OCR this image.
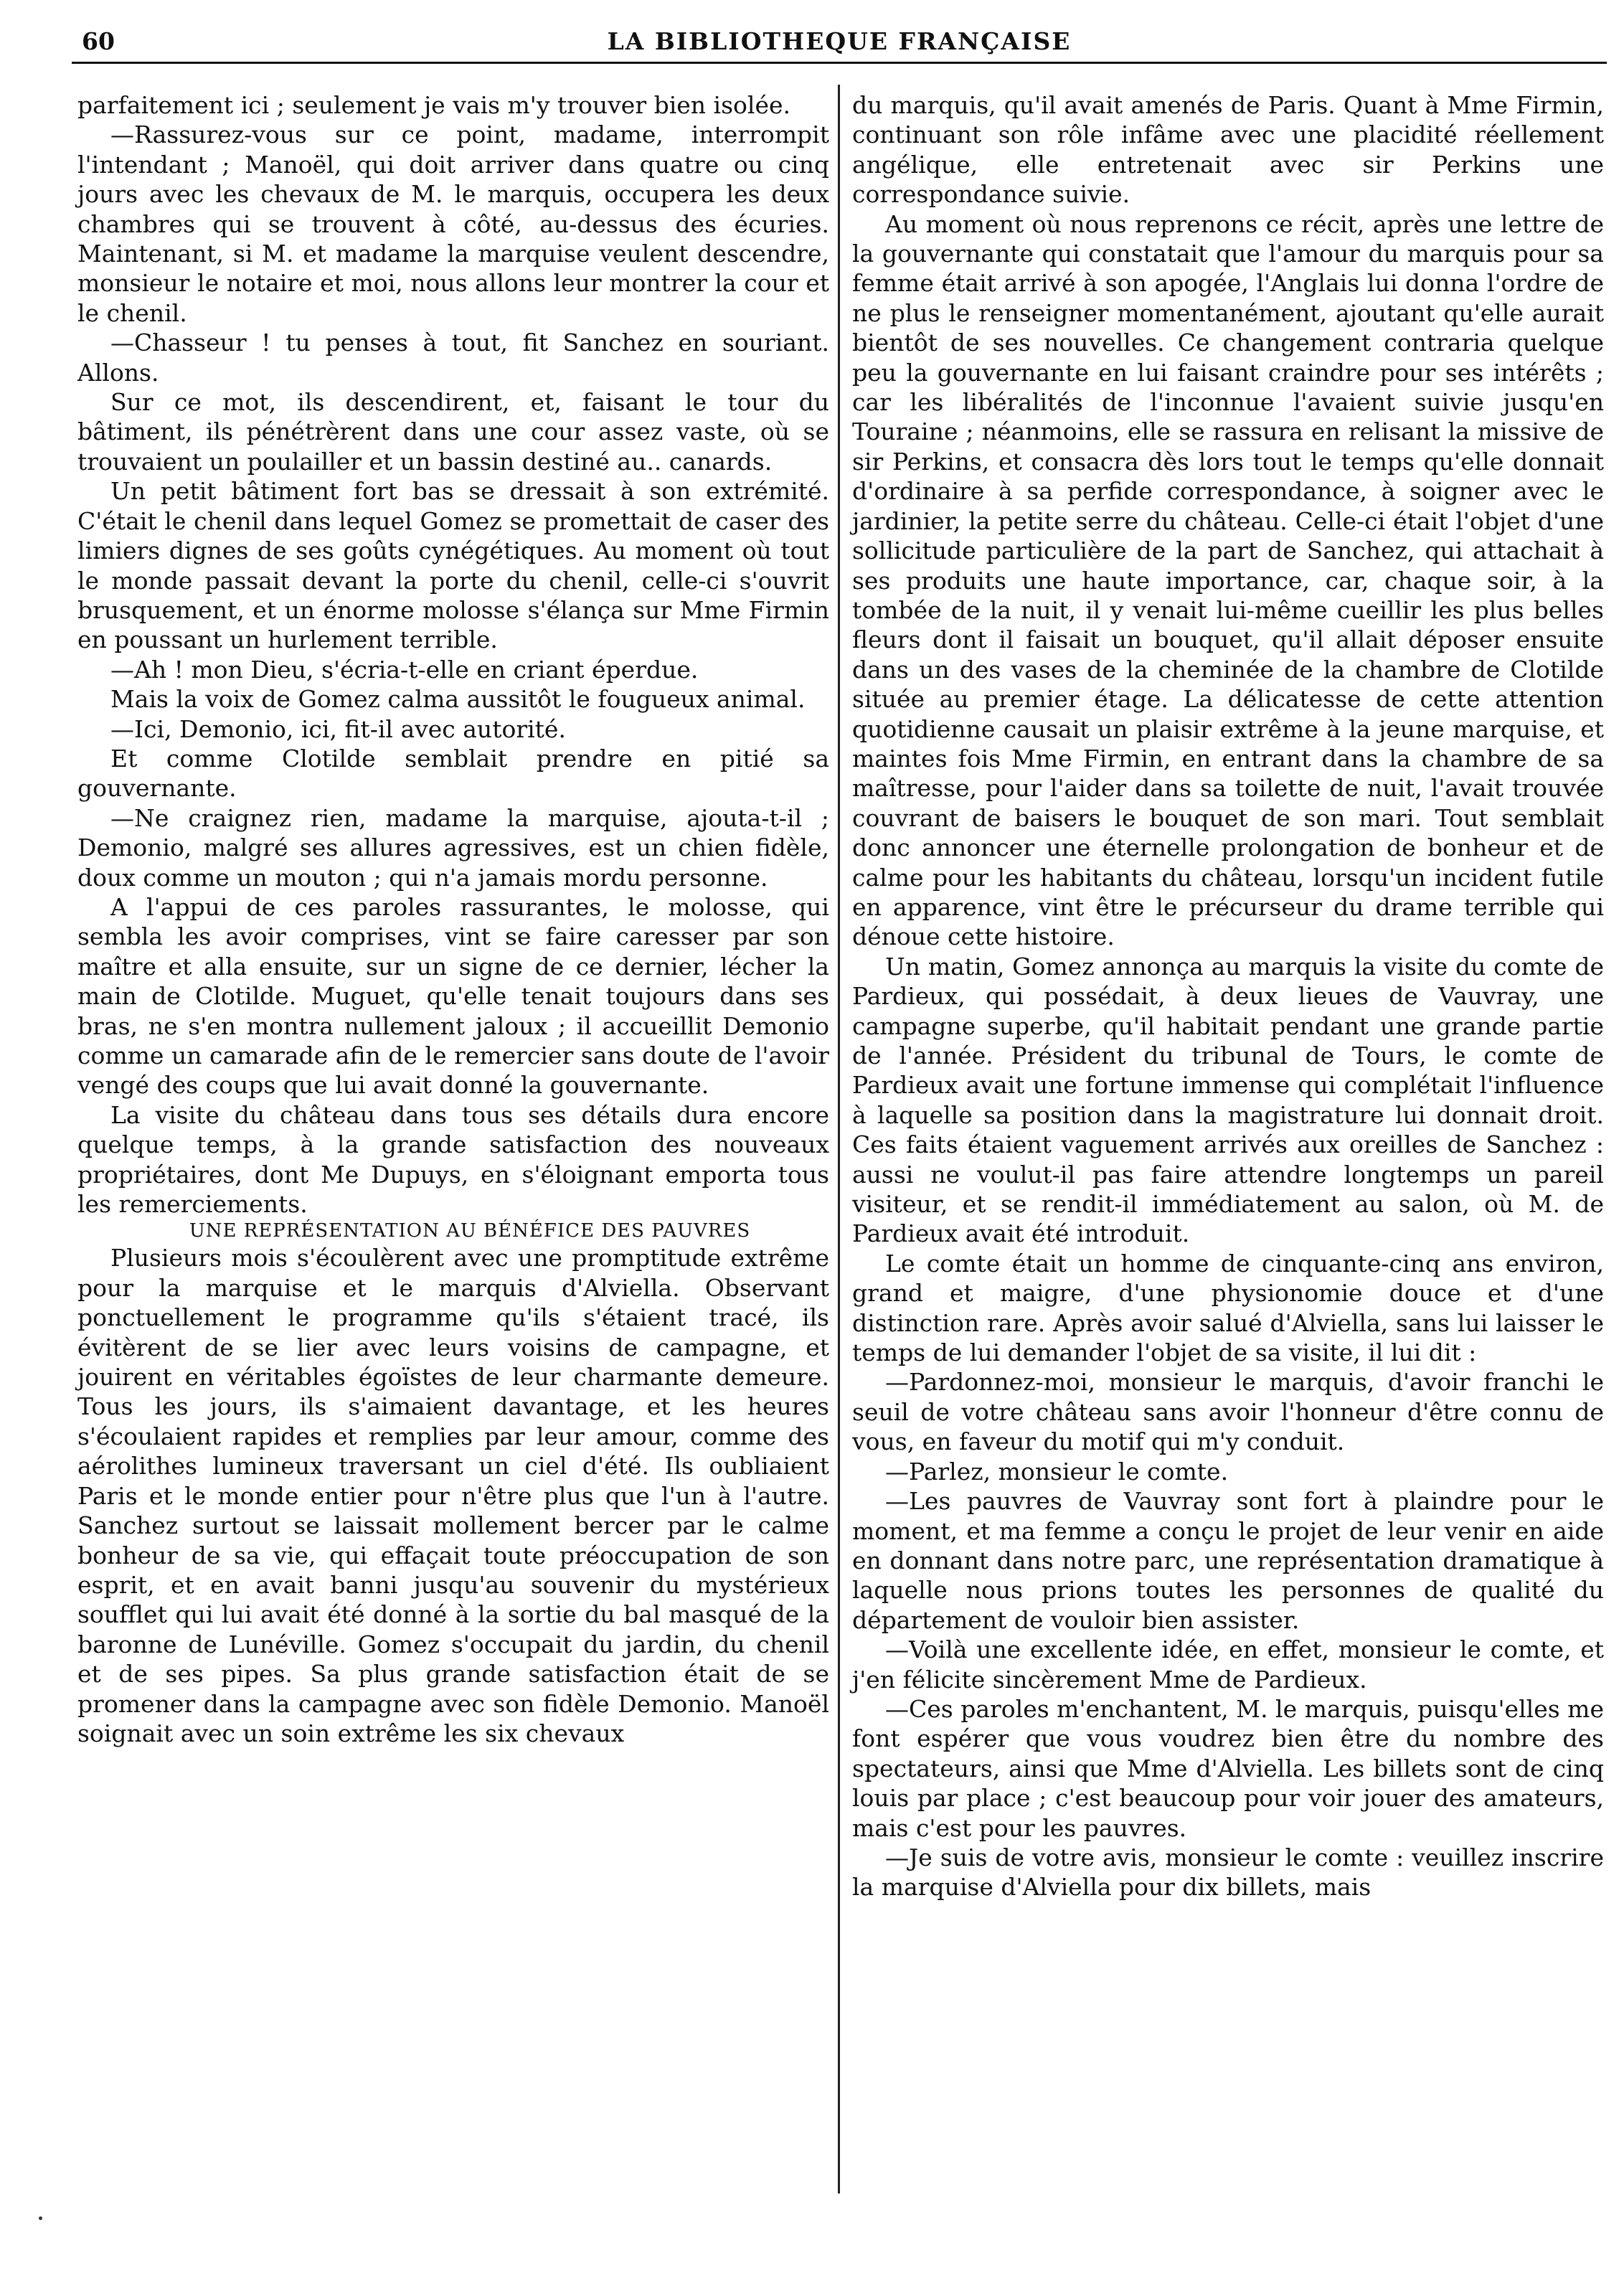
60	LA BIBLIOTHEQUE FRANÇAISE

parfaitement ici ; seulement je vais m'y trouver bien isolée.

—Rassurez-vous sur ce point, madame, interrompit l'intendant ; Manoël, qui doit arriver dans quatre ou cinq jours avec les chevaux de M. le marquis, occupera les deux chambres qui se trouvent à côté, au-dessus des écuries. Maintenant, si M. et madame la marquise veulent descendre, monsieur le notaire et moi, nous allons leur montrer la cour et le chenil.

—Chasseur ! tu penses à tout, fit Sanchez en souriant. Allons.

Sur ce mot, ils descendirent, et, faisant le tour du bâtiment, ils pénétrèrent dans une cour assez vaste, où se trouvaient un poulailler et un bassin destiné au.. canards.

Un petit bâtiment fort bas se dressait à son extrémité. C'était le chenil dans lequel Gomez se promettait de caser des limiers dignes de ses goûts cynégétiques. Au moment où tout le monde passait devant la porte du chenil, celle-ci s'ouvrit brusquement, et un énorme molosse s'élança sur Mme Firmin en poussant un hurlement terrible.

—Ah ! mon Dieu, s'écria-t-elle en criant éperdue.

Mais la voix de Gomez calma aussitôt le fougueux animal.

—Ici, Demonio, ici, fit-il avec autorité.

Et comme Clotilde semblait prendre en pitié sa gouvernante.

—Ne craignez rien, madame la marquise, ajouta-t-il ; Demonio, malgré ses allures agressives, est un chien fidèle, doux comme un mouton ; qui n'a jamais mordu personne.

A l'appui de ces paroles rassurantes, le molosse, qui sembla les avoir comprises, vint se faire caresser par son maître et alla ensuite, sur un signe de ce dernier, lécher la main de Clotilde. Muguet, qu'elle tenait toujours dans ses bras, ne s'en montra nullement jaloux ; il accueillit Demonio comme un camarade afin de le remercier sans doute de l'avoir vengé des coups que lui avait donné la gouvernante.

La visite du château dans tous ses détails dura encore quelque temps, à la grande satisfaction des nouveaux propriétaires, dont Me Dupuys, en s'éloignant emporta tous les remerciements.

UNE REPRÉSENTATION AU BÉNÉFICE DES PAUVRES

Plusieurs mois s'écoulèrent avec une promptitude extrême pour la marquise et le marquis d'Alviella. Observant ponctuellement le programme qu'ils s'étaient tracé, ils évitèrent de se lier avec leurs voisins de campagne, et jouirent en véritables égoïstes de leur charmante demeure. Tous les jours, ils s'aimaient davantage, et les heures s'écoulaient rapides et remplies par leur amour, comme des aérolithes lumineux traversant un ciel d'été. Ils oubliaient Paris et le monde entier pour n'être plus que l'un à l'autre. Sanchez surtout se laissait mollement bercer par le calme bonheur de sa vie, qui effaçait toute préoccupation de son esprit, et en avait banni jusqu'au souvenir du mystérieux soufflet qui lui avait été donné à la sortie du bal masqué de la baronne de Lunéville. Gomez s'occupait du jardin, du chenil et de ses pipes. Sa plus grande satisfaction était de se promener dans la campagne avec son fidèle Demonio. Manoël soignait avec un soin extrême les six chevaux

du marquis, qu'il avait amenés de Paris. Quant à Mme Firmin, continuant son rôle infâme avec une placidité réellement angélique, elle entretenait avec sir Perkins une correspondance suivie.

Au moment où nous reprenons ce récit, après une lettre de la gouvernante qui constatait que l'amour du marquis pour sa femme était arrivé à son apogée, l'Anglais lui donna l'ordre de ne plus le renseigner momentanément, ajoutant qu'elle aurait bientôt de ses nouvelles. Ce changement contraria quelque peu la gouvernante en lui faisant craindre pour ses intérêts ; car les libéralités de l'inconnue l'avaient suivie jusqu'en Touraine ; néanmoins, elle se rassura en relisant la missive de sir Perkins, et consacra dès lors tout le temps qu'elle donnait d'ordinaire à sa perfide correspondance, à soigner avec le jardinier, la petite serre du château. Celle-ci était l'objet d'une sollicitude particulière de la part de Sanchez, qui attachait à ses produits une haute importance, car, chaque soir, à la tombée de la nuit, il y venait lui-même cueillir les plus belles fleurs dont il faisait un bouquet, qu'il allait déposer ensuite dans un des vases de la cheminée de la chambre de Clotilde située au premier étage. La délicatesse de cette attention quotidienne causait un plaisir extrême à la jeune marquise, et maintes fois Mme Firmin, en entrant dans la chambre de sa maîtresse, pour l'aider dans sa toilette de nuit, l'avait trouvée couvrant de baisers le bouquet de son mari. Tout semblait donc annoncer une éternelle prolongation de bonheur et de calme pour les habitants du château, lorsqu'un incident futile en apparence, vint être le précurseur du drame terrible qui dénoue cette histoire.

Un matin, Gomez annonça au marquis la visite du comte de Pardieux, qui possédait, à deux lieues de Vauvray, une campagne superbe, qu'il habitait pendant une grande partie de l'année. Président du tribunal de Tours, le comte de Pardieux avait une fortune immense qui complétait l'influence à laquelle sa position dans la magistrature lui donnait droit. Ces faits étaient vaguement arrivés aux oreilles de Sanchez : aussi ne voulut-il pas faire attendre longtemps un pareil visiteur, et se rendit-il immédiatement au salon, où M. de Pardieux avait été introduit.

Le comte était un homme de cinquante-cinq ans environ, grand et maigre, d'une physionomie douce et d'une distinction rare. Après avoir salué d'Alviella, sans lui laisser le temps de lui demander l'objet de sa visite, il lui dit :

—Pardonnez-moi, monsieur le marquis, d'avoir franchi le seuil de votre château sans avoir l'honneur d'être connu de vous, en faveur du motif qui m'y conduit.

—Parlez, monsieur le comte.

—Les pauvres de Vauvray sont fort à plaindre pour le moment, et ma femme a conçu le projet de leur venir en aide en donnant dans notre parc, une représentation dramatique à laquelle nous prions toutes les personnes de qualité du département de vouloir bien assister.

—Voilà une excellente idée, en effet, monsieur le comte, et j'en félicite sincèrement Mme de Pardieux.

—Ces paroles m'enchantent, M. le marquis, puisqu'elles me font espérer que vous voudrez bien être du nombre des spectateurs, ainsi que Mme d'Alviella. Les billets sont de cinq louis par place ; c'est beaucoup pour voir jouer des amateurs, mais c'est pour les pauvres.

—Je suis de votre avis, monsieur le comte : veuillez inscrire la marquise d'Alviella pour dix billets, mais
